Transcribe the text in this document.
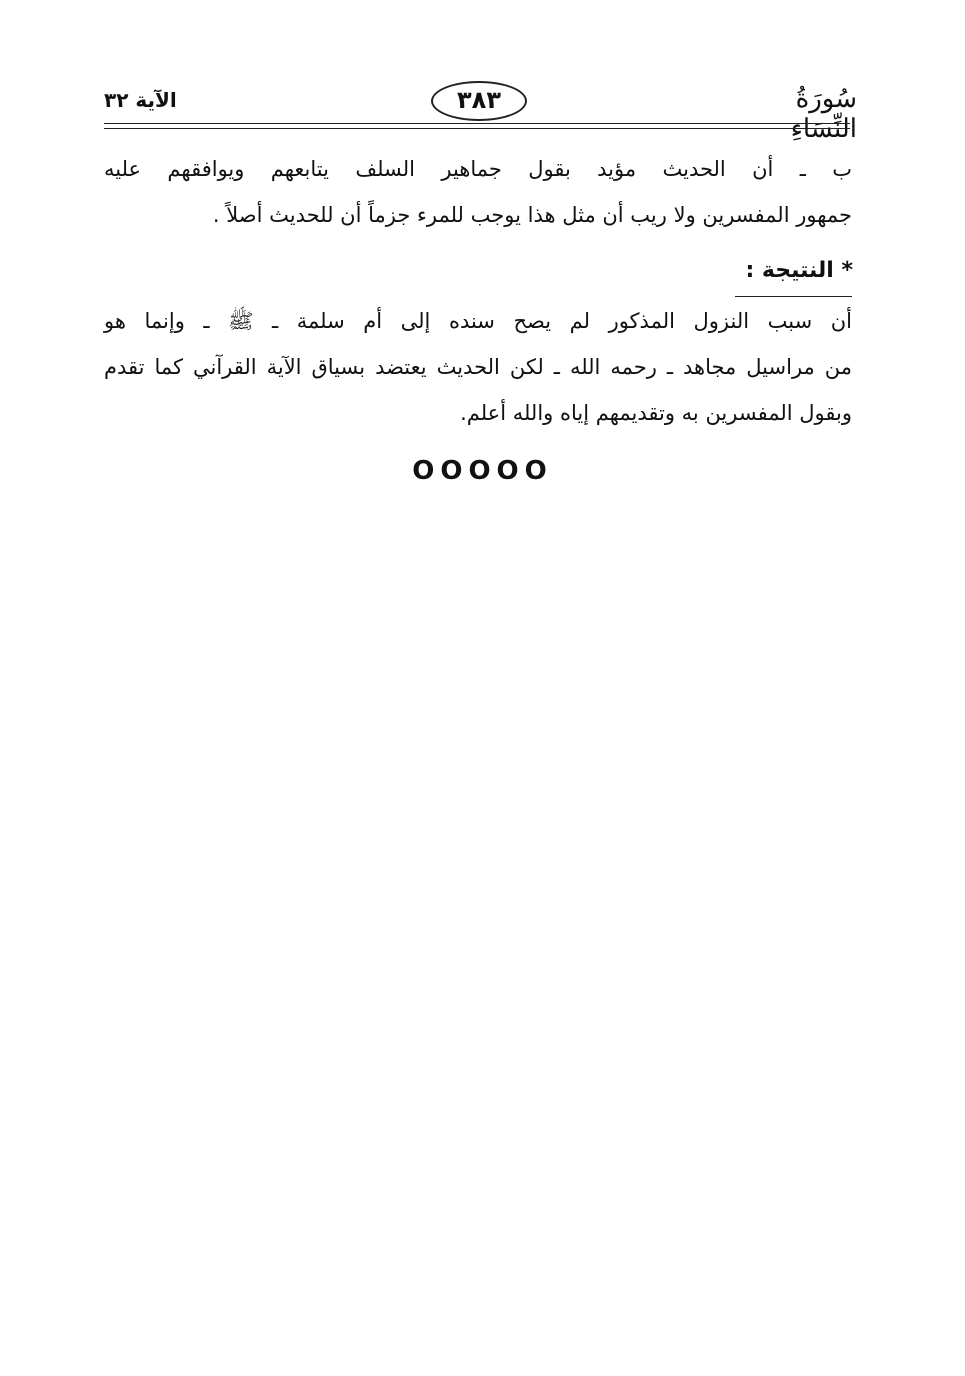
الآية ٣٢	٣٨٣	سُورَةُ النِّسَاءِ
ب ـ أن الحديث مؤيد بقول جماهير السلف يتابعهم ويوافقهم عليه
جمهور المفسرين ولا ريب أن مثل هذا يوجب للمرء جزماً أن للحديث أصلاً .
* النتيجة :
أن سبب النزول المذكور لم يصح سنده إلى أم سلمة ـ ﷺ ـ وإنما هو
من مراسيل مجاهد ـ رحمه الله ـ لكن الحديث يعتضد بسياق الآية القرآني كما تقدم
وبقول المفسرين به وتقديمهم إياه والله أعلم.
OOOOO
